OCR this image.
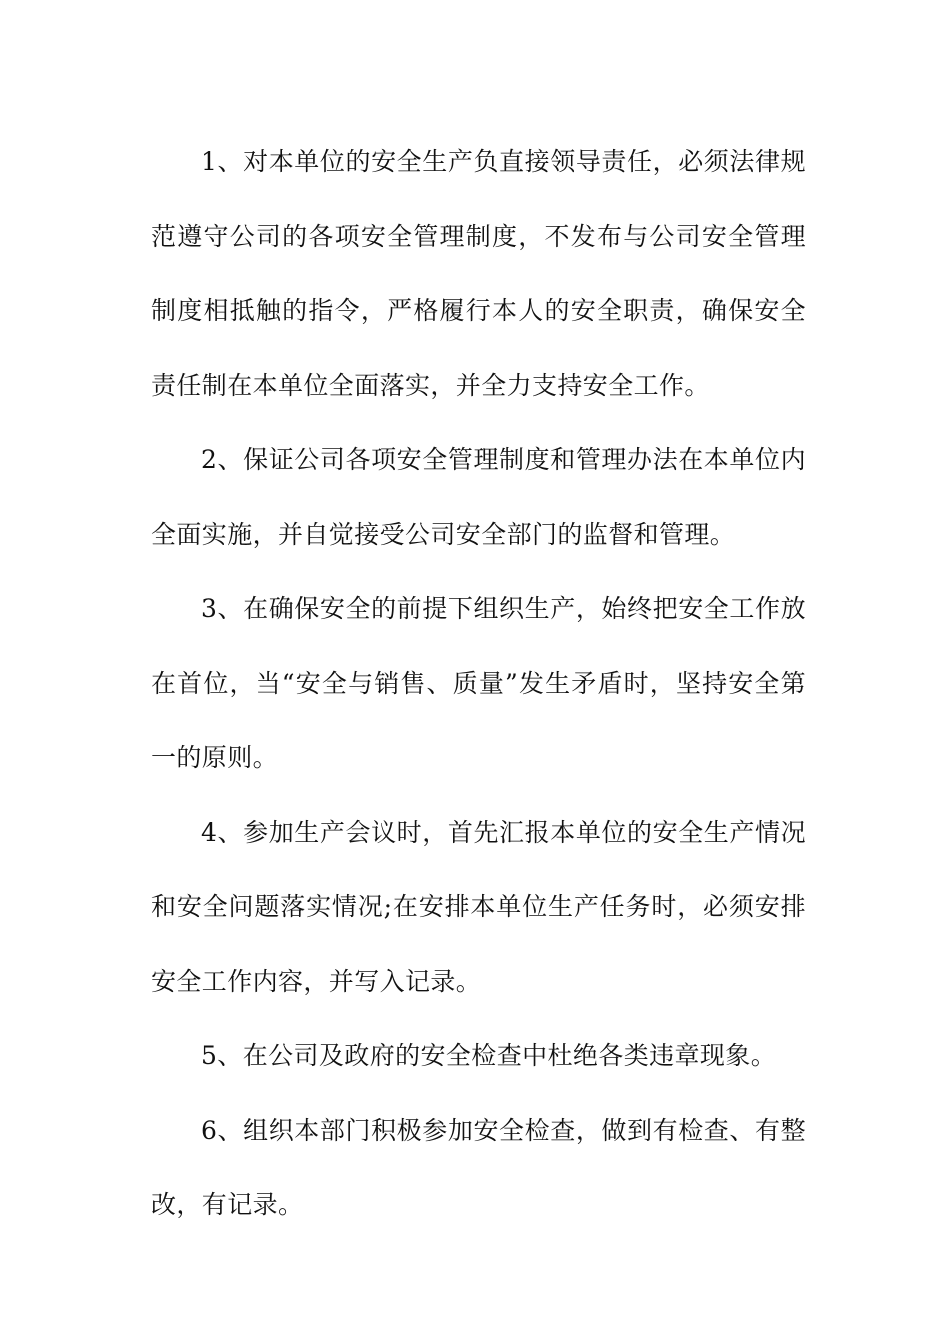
1、对本单位的安全生产负直接领导责任，必须法律规范遵守公司的各项安全管理制度，不发布与公司安全管理制度相抵触的指令，严格履行本人的安全职责，确保安全责任制在本单位全面落实，并全力支持安全工作。

2、保证公司各项安全管理制度和管理办法在本单位内全面实施，并自觉接受公司安全部门的监督和管理。

3、在确保安全的前提下组织生产，始终把安全工作放在首位，当“安全与销售、质量”发生矛盾时，坚持安全第一的原则。

4、参加生产会议时，首先汇报本单位的安全生产情况和安全问题落实情况;在安排本单位生产任务时，必须安排安全工作内容，并写入记录。

5、在公司及政府的安全检查中杜绝各类违章现象。

6、组织本部门积极参加安全检查，做到有检查、有整改，有记录。
